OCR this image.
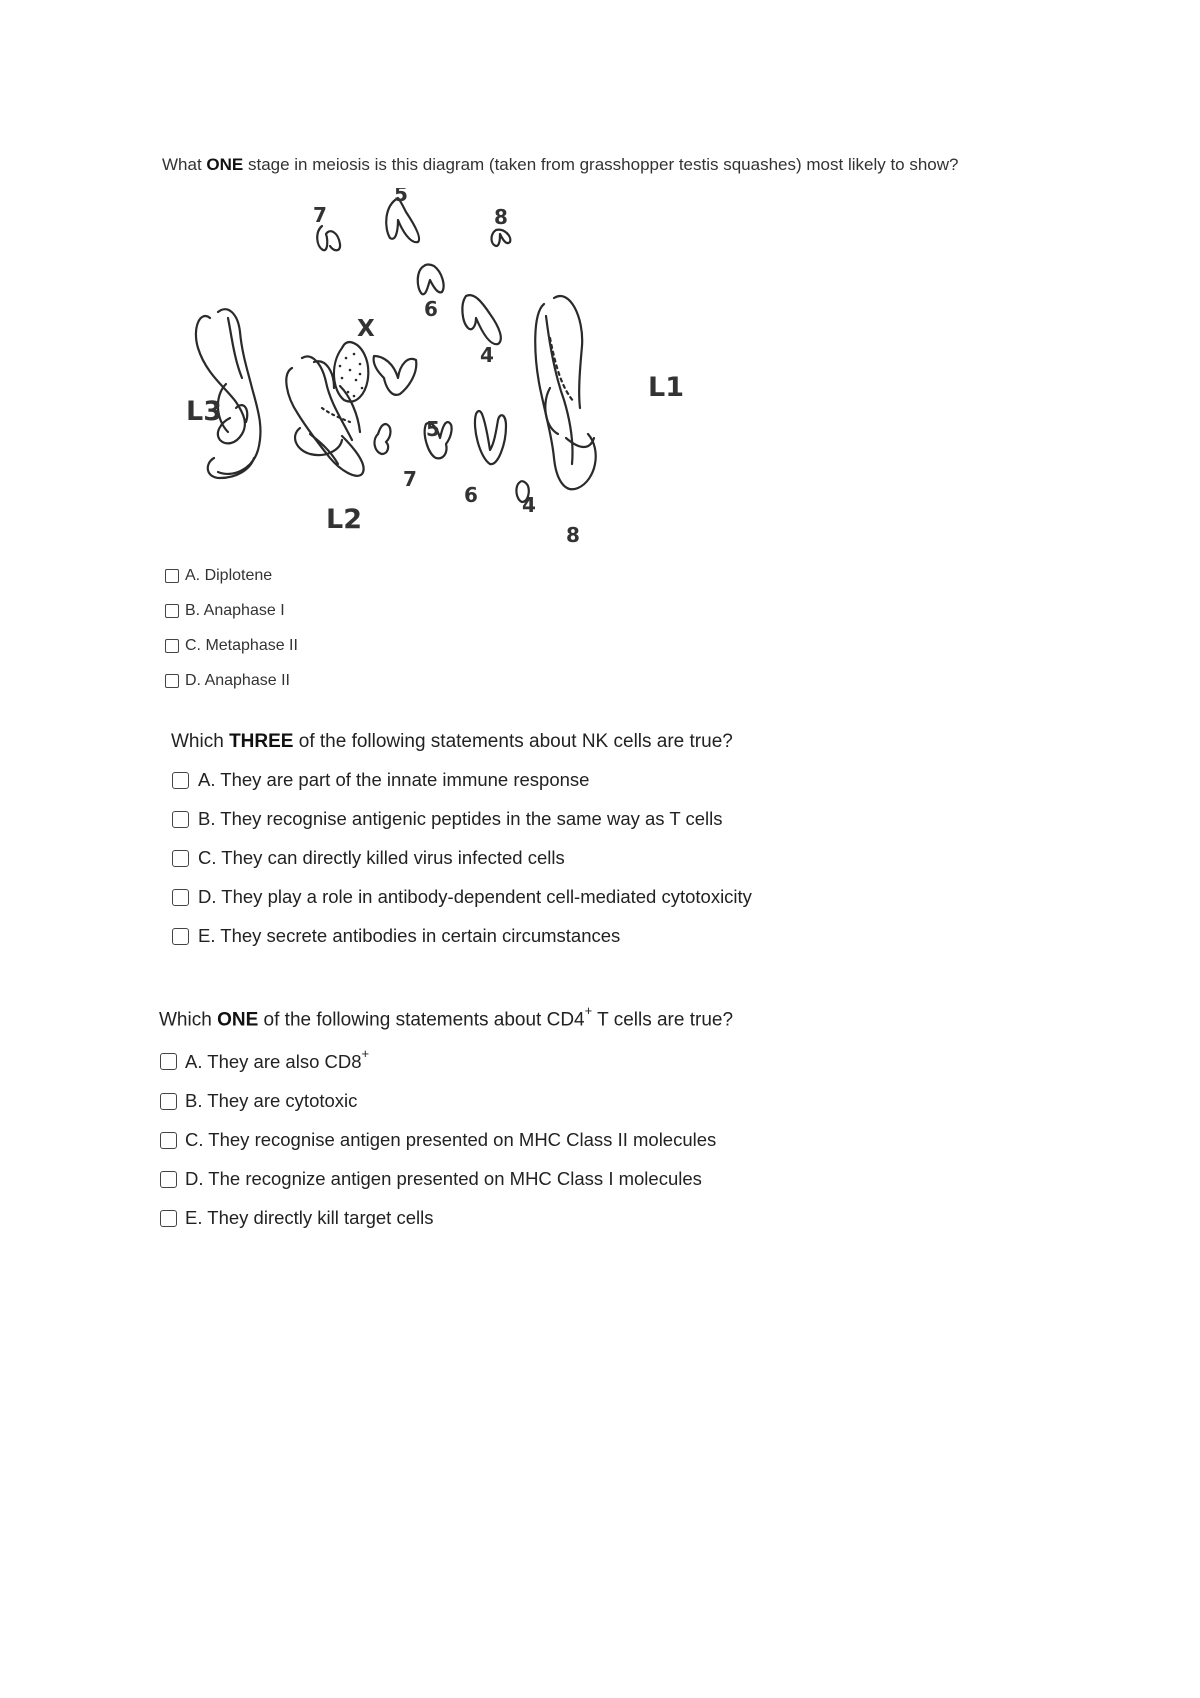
What ONE stage in meiosis is this diagram (taken from grasshopper testis squashes) most likely to show?
7
5
8
6
X
4
L1
L3
5
7
6 4
8
L2
A. Diplotene
B. Anaphase I
C. Metaphase II
D. Anaphase II
Which THREE of the following statements about NK cells are true?
A. They are part of the innate immune response
B. They recognise antigenic peptides in the same way as T cells
C. They can directly killed virus infected cells
D. They play a role in antibody-dependent cell-mediated cytotoxicity
E. They secrete antibodies in certain circumstances
Which ONE of the following statements about CD4+ T cells are true?
A. They are also CD8+
B. They are cytotoxic
C. They recognise antigen presented on MHC Class II molecules
D. The recognize antigen presented on MHC Class I molecules
E. They directly kill target cells
